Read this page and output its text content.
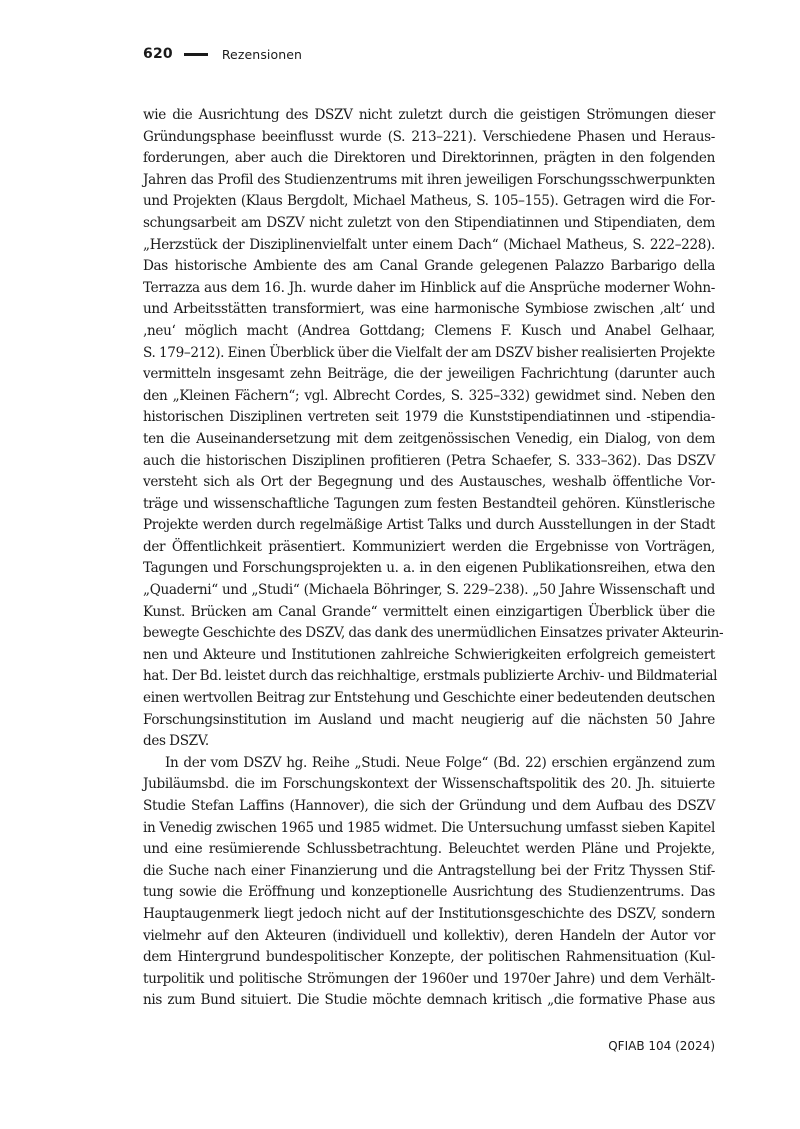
620	Rezensionen
wie die Ausrichtung des DSZV nicht zuletzt durch die geistigen Strömungen dieser
Gründungsphase beeinflusst wurde (S. 213–221). Verschiedene Phasen und Heraus-
forderungen, aber auch die Direktoren und Direktorinnen, prägten in den folgenden
Jahren das Profil des Studienzentrums mit ihren jeweiligen Forschungsschwerpunkten
und Projekten (Klaus Bergdolt, Michael Matheus, S. 105–155). Getragen wird die For-
schungsarbeit am DSZV nicht zuletzt von den Stipendiatinnen und Stipendiaten, dem
„Herzstück der Disziplinenvielfalt unter einem Dach“ (Michael Matheus, S. 222–228).
Das historische Ambiente des am Canal Grande gelegenen Palazzo Barbarigo della
Terrazza aus dem 16. Jh. wurde daher im Hinblick auf die Ansprüche moderner Wohn-
und Arbeitsstätten transformiert, was eine harmonische Symbiose zwischen ‚alt‘ und
‚neu‘ möglich macht (Andrea Gottdang; Clemens F. Kusch und Anabel Gelhaar,
S. 179–212). Einen Überblick über die Vielfalt der am DSZV bisher realisierten Projekte
vermitteln insgesamt zehn Beiträge, die der jeweiligen Fachrichtung (darunter auch
den „Kleinen Fächern“; vgl. Albrecht Cordes, S. 325–332) gewidmet sind. Neben den
historischen Disziplinen vertreten seit 1979 die Kunststipendiatinnen und -stipendia-
ten die Auseinandersetzung mit dem zeitgenössischen Venedig, ein Dialog, von dem
auch die historischen Disziplinen profitieren (Petra Schaefer, S. 333–362). Das DSZV
versteht sich als Ort der Begegnung und des Austausches, weshalb öffentliche Vor-
träge und wissenschaftliche Tagungen zum festen Bestandteil gehören. Künstlerische
Projekte werden durch regelmäßige Artist Talks und durch Ausstellungen in der Stadt
der Öffentlichkeit präsentiert. Kommuniziert werden die Ergebnisse von Vorträgen,
Tagungen und Forschungsprojekten u. a. in den eigenen Publikationsreihen, etwa den
„Quaderni“ und „Studi“ (Michaela Böhringer, S. 229–238). „50 Jahre Wissenschaft und
Kunst. Brücken am Canal Grande“ vermittelt einen einzigartigen Überblick über die
bewegte Geschichte des DSZV, das dank des unermüdlichen Einsatzes privater Akteurin-
nen und Akteure und Institutionen zahlreiche Schwierigkeiten erfolgreich gemeistert
hat. Der Bd. leistet durch das reichhaltige, erstmals publizierte Archiv- und Bildmaterial
einen wertvollen Beitrag zur Entstehung und Geschichte einer bedeutenden deutschen
Forschungsinstitution im Ausland und macht neugierig auf die nächsten 50 Jahre
des DSZV.
In der vom DSZV hg. Reihe „Studi. Neue Folge“ (Bd. 22) erschien ergänzend zum
Jubiläumsbd. die im Forschungskontext der Wissenschaftspolitik des 20. Jh. situierte
Studie Stefan Laffins (Hannover), die sich der Gründung und dem Aufbau des DSZV
in Venedig zwischen 1965 und 1985 widmet. Die Untersuchung umfasst sieben Kapitel
und eine resümierende Schlussbetrachtung. Beleuchtet werden Pläne und Projekte,
die Suche nach einer Finanzierung und die Antragstellung bei der Fritz Thyssen Stif-
tung sowie die Eröffnung und konzeptionelle Ausrichtung des Studienzentrums. Das
Hauptaugenmerk liegt jedoch nicht auf der Institutionsgeschichte des DSZV, sondern
vielmehr auf den Akteuren (individuell und kollektiv), deren Handeln der Autor vor
dem Hintergrund bundespolitischer Konzepte, der politischen Rahmensituation (Kul-
turpolitik und politische Strömungen der 1960er und 1970er Jahre) und dem Verhält-
nis zum Bund situiert. Die Studie möchte demnach kritisch „die formative Phase aus
QFIAB 104 (2024)
